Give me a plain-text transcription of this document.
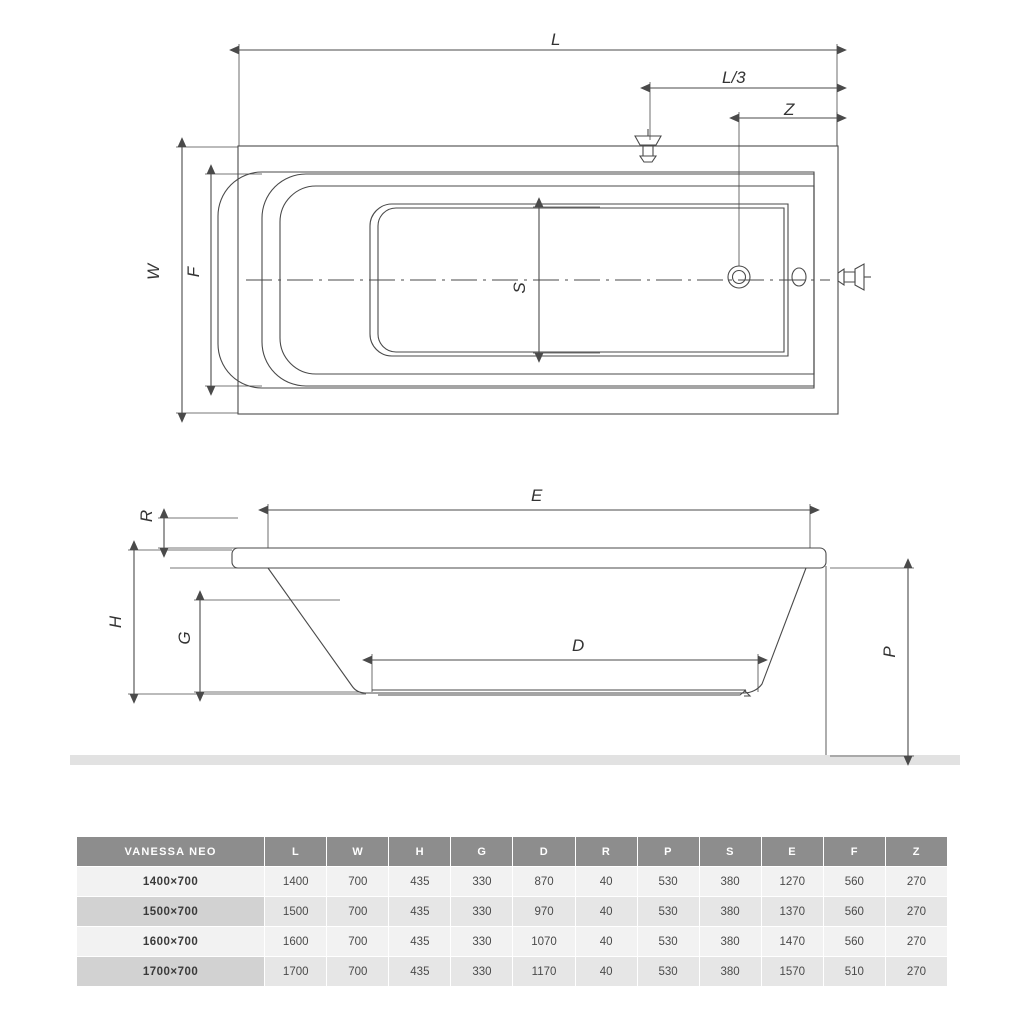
L
L/3
Z
W F
S
E
R
H
G	D	P
VANESSA NEO	L	W	H	G	D	R	P	S	E	F	Z
1400×700	1400	700	435	330	870	40	530	380	1270	560	270
1500×700	1500	700	435	330	970	40	530	380	1370	560	270
1600×700	1600	700	435	330	1070	40	530	380	1470	560	270
1700×700	1700	700	435	330	1170	40	530	380	1570	510	270
